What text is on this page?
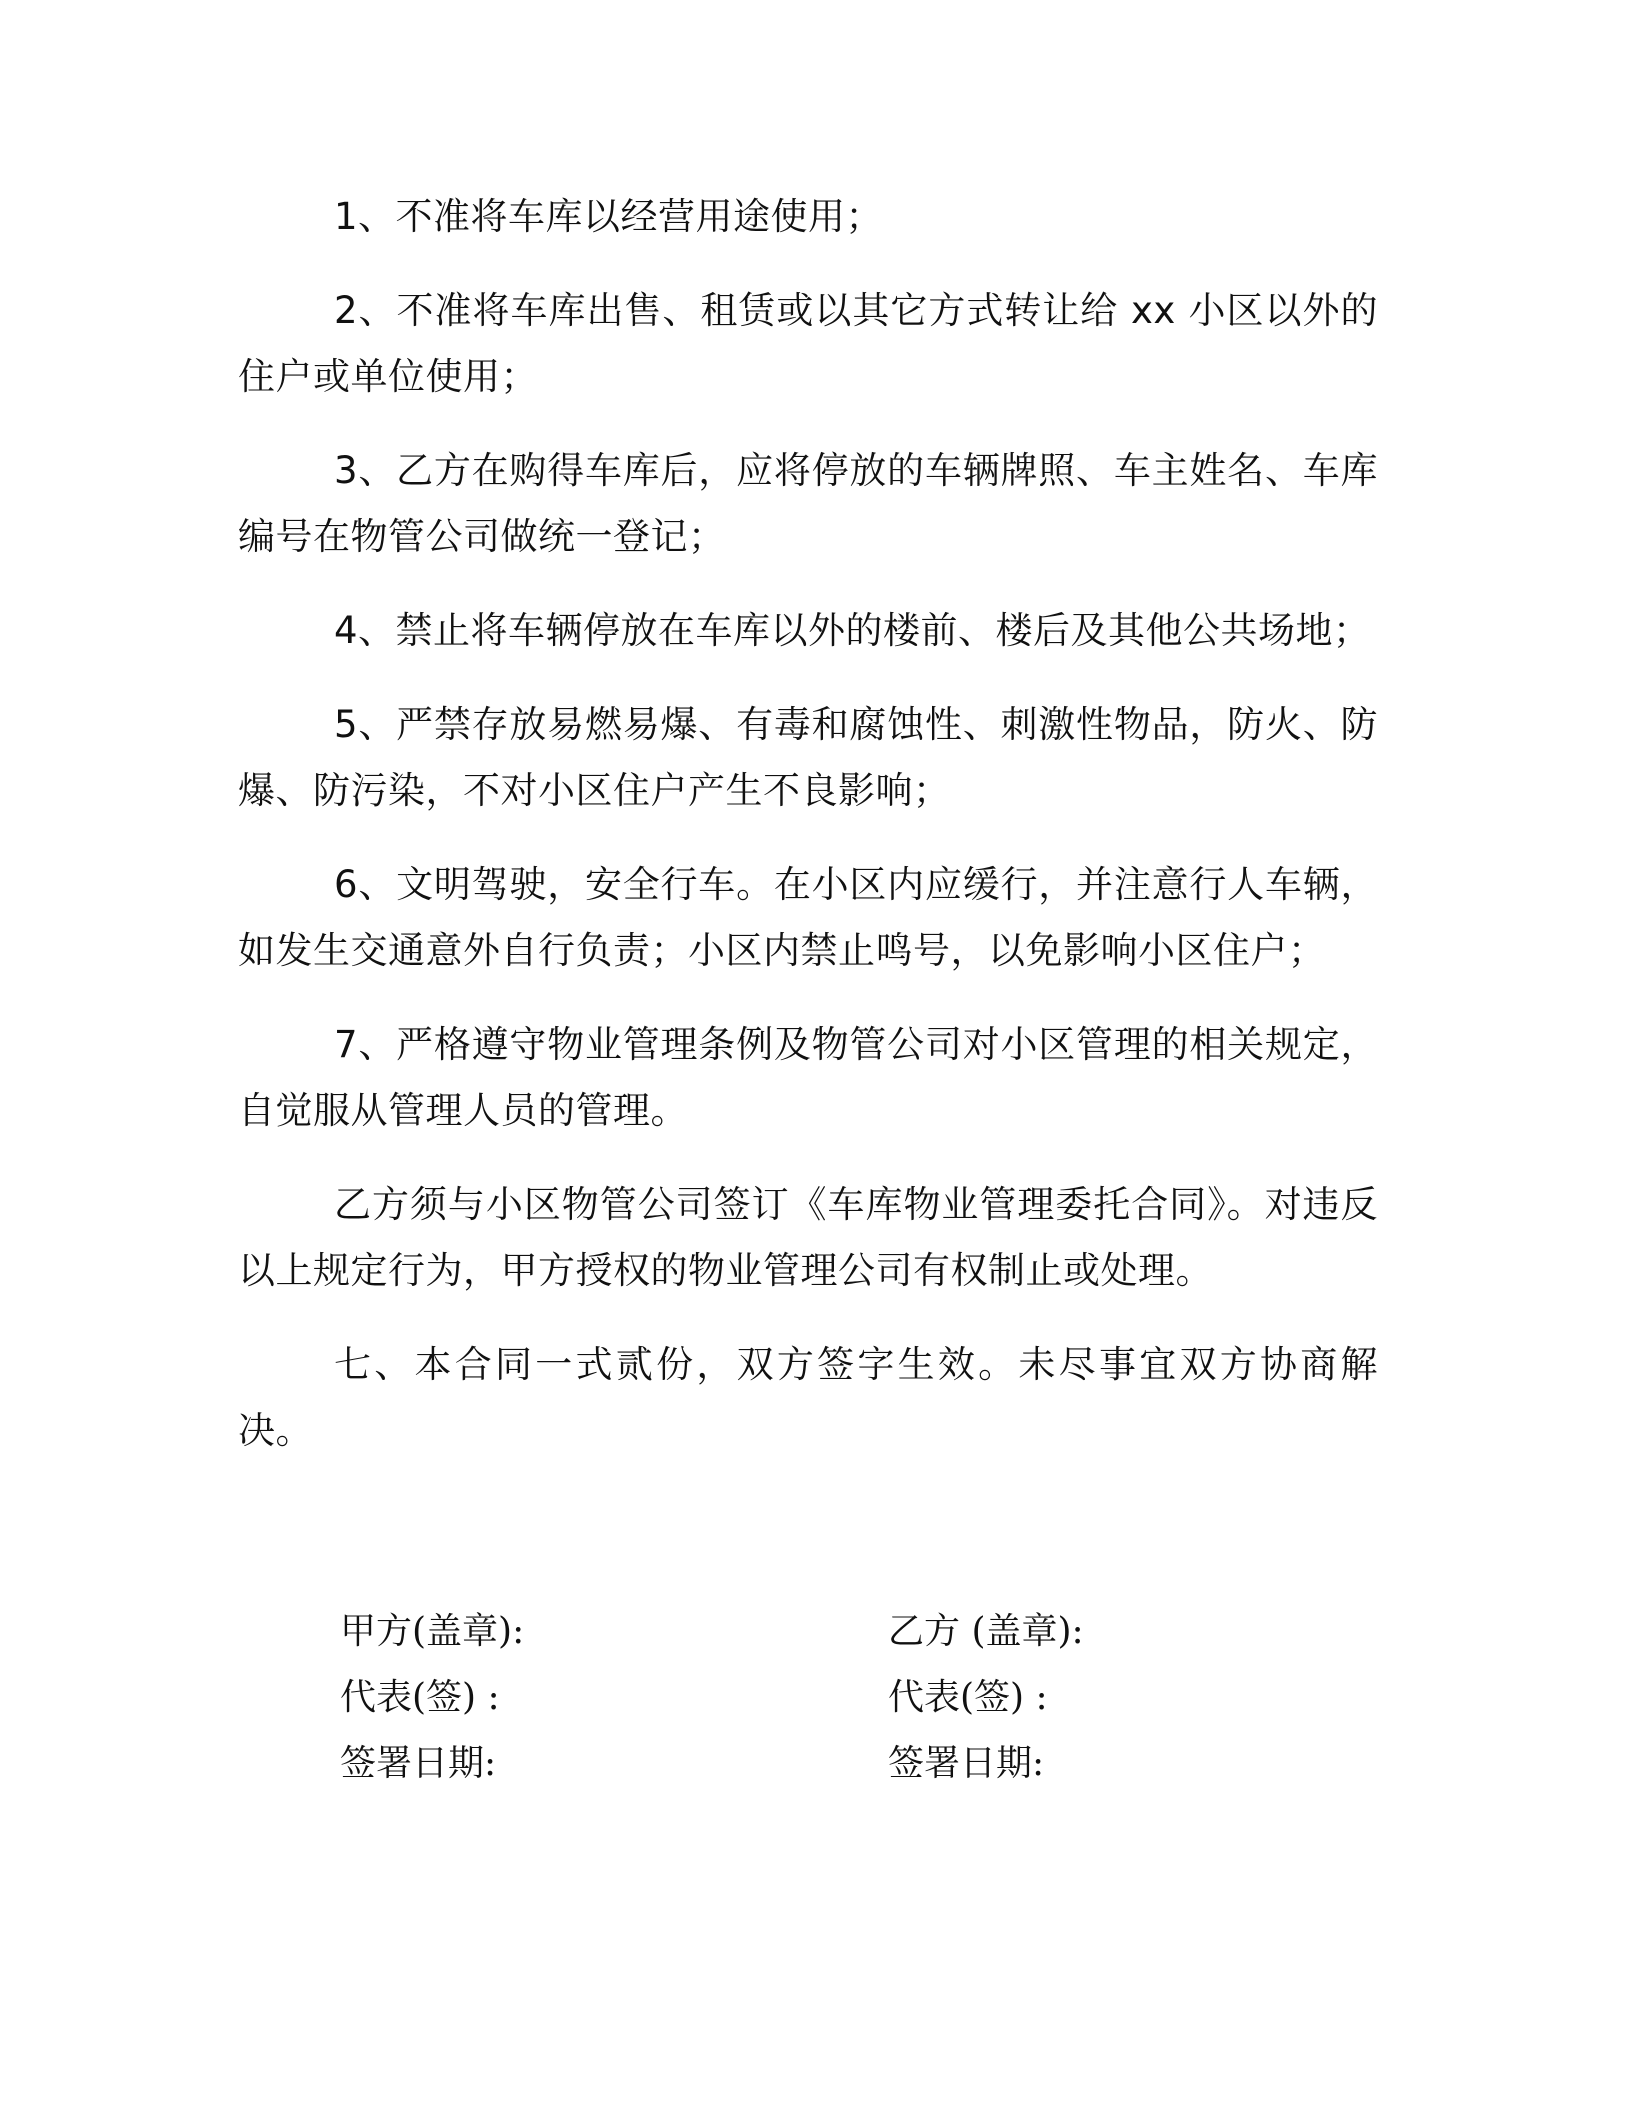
1、不准将车库以经营用途使用；

2、不准将车库出售、租赁或以其它方式转让给 xx 小区以外的住户或单位使用；

3、乙方在购得车库后，应将停放的车辆牌照、车主姓名、车库编号在物管公司做统一登记；

4、禁止将车辆停放在车库以外的楼前、楼后及其他公共场地；

5、严禁存放易燃易爆、有毒和腐蚀性、刺激性物品，防火、防爆、防污染，不对小区住户产生不良影响；

6、文明驾驶，安全行车。在小区内应缓行，并注意行人车辆，如发生交通意外自行负责；小区内禁止鸣号，以免影响小区住户；

7、严格遵守物业管理条例及物管公司对小区管理的相关规定，自觉服从管理人员的管理。

乙方须与小区物管公司签订《车库物业管理委托合同》。对违反以上规定行为，甲方授权的物业管理公司有权制止或处理。

七、本合同一式贰份，双方签字生效。未尽事宜双方协商解决。

甲方(盖章):
代表(签) :
签署日期:
乙方 (盖章):
代表(签) :
签署日期:
